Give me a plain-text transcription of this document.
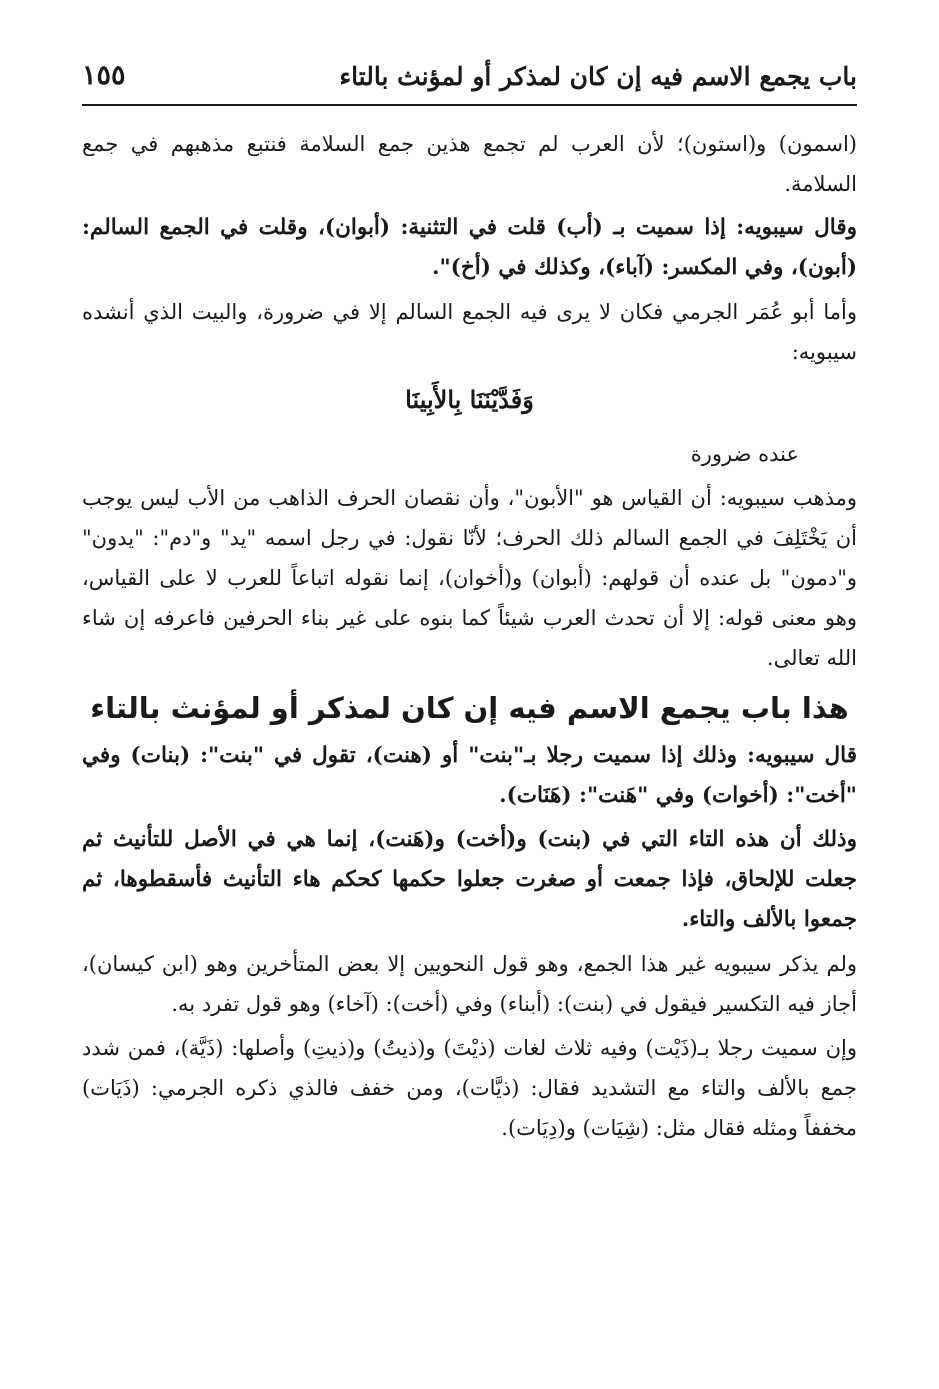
باب يجمع الاسم فيه إن كان لمذكر أو لمؤنث بالتاء
١٥٥

(اسمون) و(استون)؛ لأن العرب لم تجمع هذين جمع السلامة فنتبع مذهبهم في جمع السلامة.

وقال سيبويه: إذا سميت بـ (أب) قلت في التثنية: (أبوان)، وقلت في الجمع السالم: (أبون)، وفي المكسر: (آباء)، وكذلك في (أخ)".

وأما أبو عُمَر الجرمي فكان لا يرى فيه الجمع السالم إلا في ضرورة، والبيت الذي أنشده سيبويه:

وَفَدَّيْنَنَا بِالأَبِينَا

عنده ضرورة

ومذهب سيبويه: أن القياس هو "الأبون"، وأن نقصان الحرف الذاهب من الأب ليس يوجب أن يَخْتَلِفَ في الجمع السالم ذلك الحرف؛ لأنّا نقول: في رجل اسمه "يد" و"دم": "يدون" و"دمون" بل عنده أن قولهم: (أبوان) و(أخوان)، إنما نقوله اتباعاً للعرب لا على القياس، وهو معنى قوله: إلا أن تحدث العرب شيئاً كما بنوه على غير بناء الحرفين فاعرفه إن شاء الله تعالى.

هذا باب يجمع الاسم فيه إن كان لمذكر أو لمؤنث بالتاء

قال سيبويه: وذلك إذا سميت رجلا بـ"بنت" أو (هنت)، تقول في "بنت": (بنات) وفي "أخت": (أخوات) وفي "هَنت": (هَنَات).

وذلك أن هذه التاء التي في (بنت) و(أخت) و(هَنت)، إنما هي في الأصل للتأنيث ثم جعلت للإلحاق، فإذا جمعت أو صغرت جعلوا حكمها كحكم هاء التأنيث فأسقطوها، ثم جمعوا بالألف والتاء.

ولم يذكر سيبويه غير هذا الجمع، وهو قول النحويين إلا بعض المتأخرين وهو (ابن كيسان)، أجاز فيه التكسير فيقول في (بنت): (أبناء) وفي (أخت): (آخاء) وهو قول تفرد به.

وإن سميت رجلا بـ(ذَيْت) وفيه ثلاث لغات (ذيْتَ) و(ذيتُ) و(ذيتِ) وأصلها: (ذَيَّة)، فمن شدد جمع بالألف والتاء مع التشديد فقال: (ذيَّات)، ومن خفف فالذي ذكره الجرمي: (ذَيَات) مخففاً ومثله فقال مثل: (شِيَات) و(دِيَات).
